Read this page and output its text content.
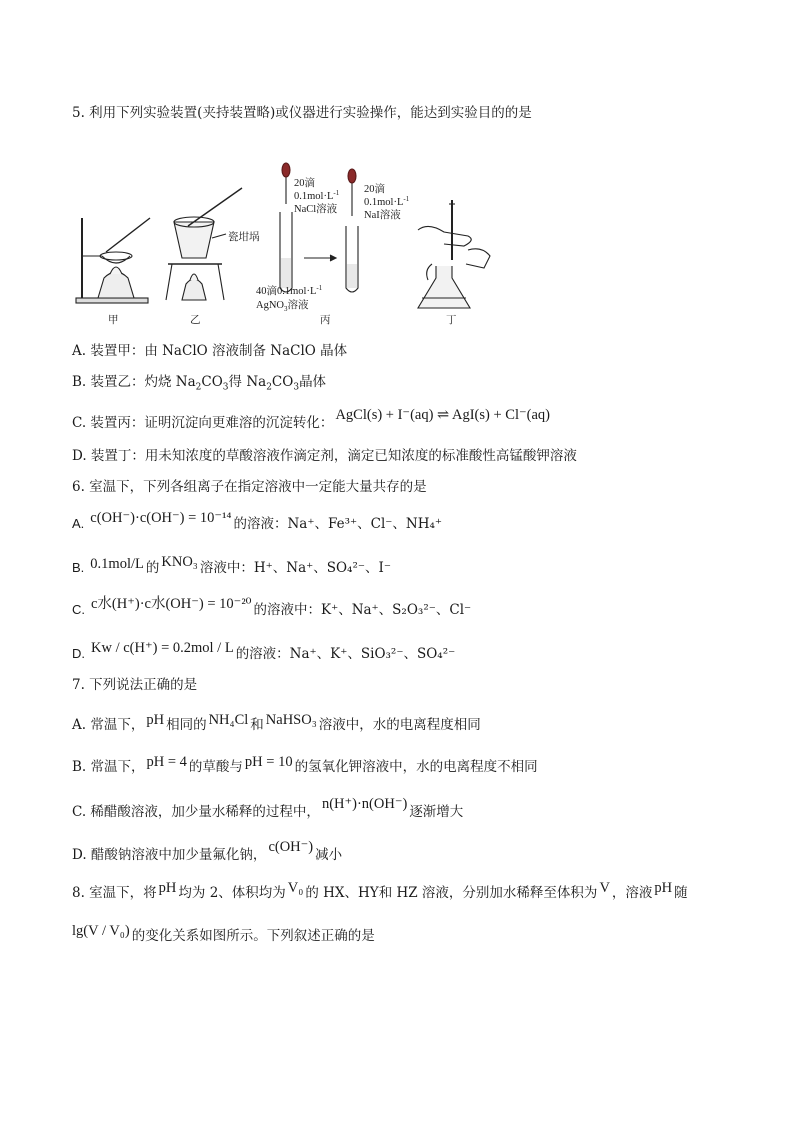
5. 利用下列实验装置(夹持装置略)或仪器进行实验操作，能达到实验目的的是
甲	乙	丙	丁
瓷坩埚
20滴
$0.1mol\cdot L^{-1}$
NaCl溶液
20滴
$0.1mol\cdot L^{-1}$
NaI溶液
40滴$0.1mol\cdot L^{-1}$
AgNO$_3$溶液
A. 装置甲：由 NaClO 溶液制备 NaClO 晶体
B. 装置乙：灼烧 $Na_2CO_3$得 $Na_2CO_3$晶体
C. 装置丙：证明沉淀向更难溶的沉淀转化： AgCl(s) + I⁻(aq) ⇌ AgI(s) + Cl⁻(aq)
D. 装置丁：用未知浓度的草酸溶液作滴定剂，滴定已知浓度的标准酸性高锰酸钾溶液
6. 室温下，下列各组离子在指定溶液中一定能大量共存的是
A. c(OH⁻)·c(OH⁻) = 10⁻¹⁴ 的溶液：Na⁺、Fe³⁺、Cl⁻、NH₄⁺
B. 0.1mol/L 的 KNO₃ 溶液中：H⁺、Na⁺、SO₄²⁻、I⁻
C. c水(H⁺)·c水(OH⁻) = 10⁻²⁰ 的溶液中：K⁺、Na⁺、S₂O₃²⁻、Cl⁻
D. Kw / c(H⁺) = 0.2mol / L 的溶液：Na⁺、K⁺、SiO₃²⁻、SO₄²⁻
7. 下列说法正确的是
A. 常温下， pH 相同的 NH₄Cl 和 NaHSO₃ 溶液中，水的电离程度相同
B. 常温下， pH = 4 的草酸与 pH = 10 的氢氧化钾溶液中，水的电离程度不相同
C. 稀醋酸溶液，加少量水稀释的过程中， n(H⁺)·n(OH⁻) 逐渐增大
D. 醋酸钠溶液中加少量氟化钠， c(OH⁻) 减小
8. 室温下，将 pH 均为 2、体积均为 V₀ 的 HX、HY和 HZ 溶液，分别加水稀释至体积为 V ，溶液 pH 随
lg(V / V₀) 的变化关系如图所示。下列叙述正确的是
